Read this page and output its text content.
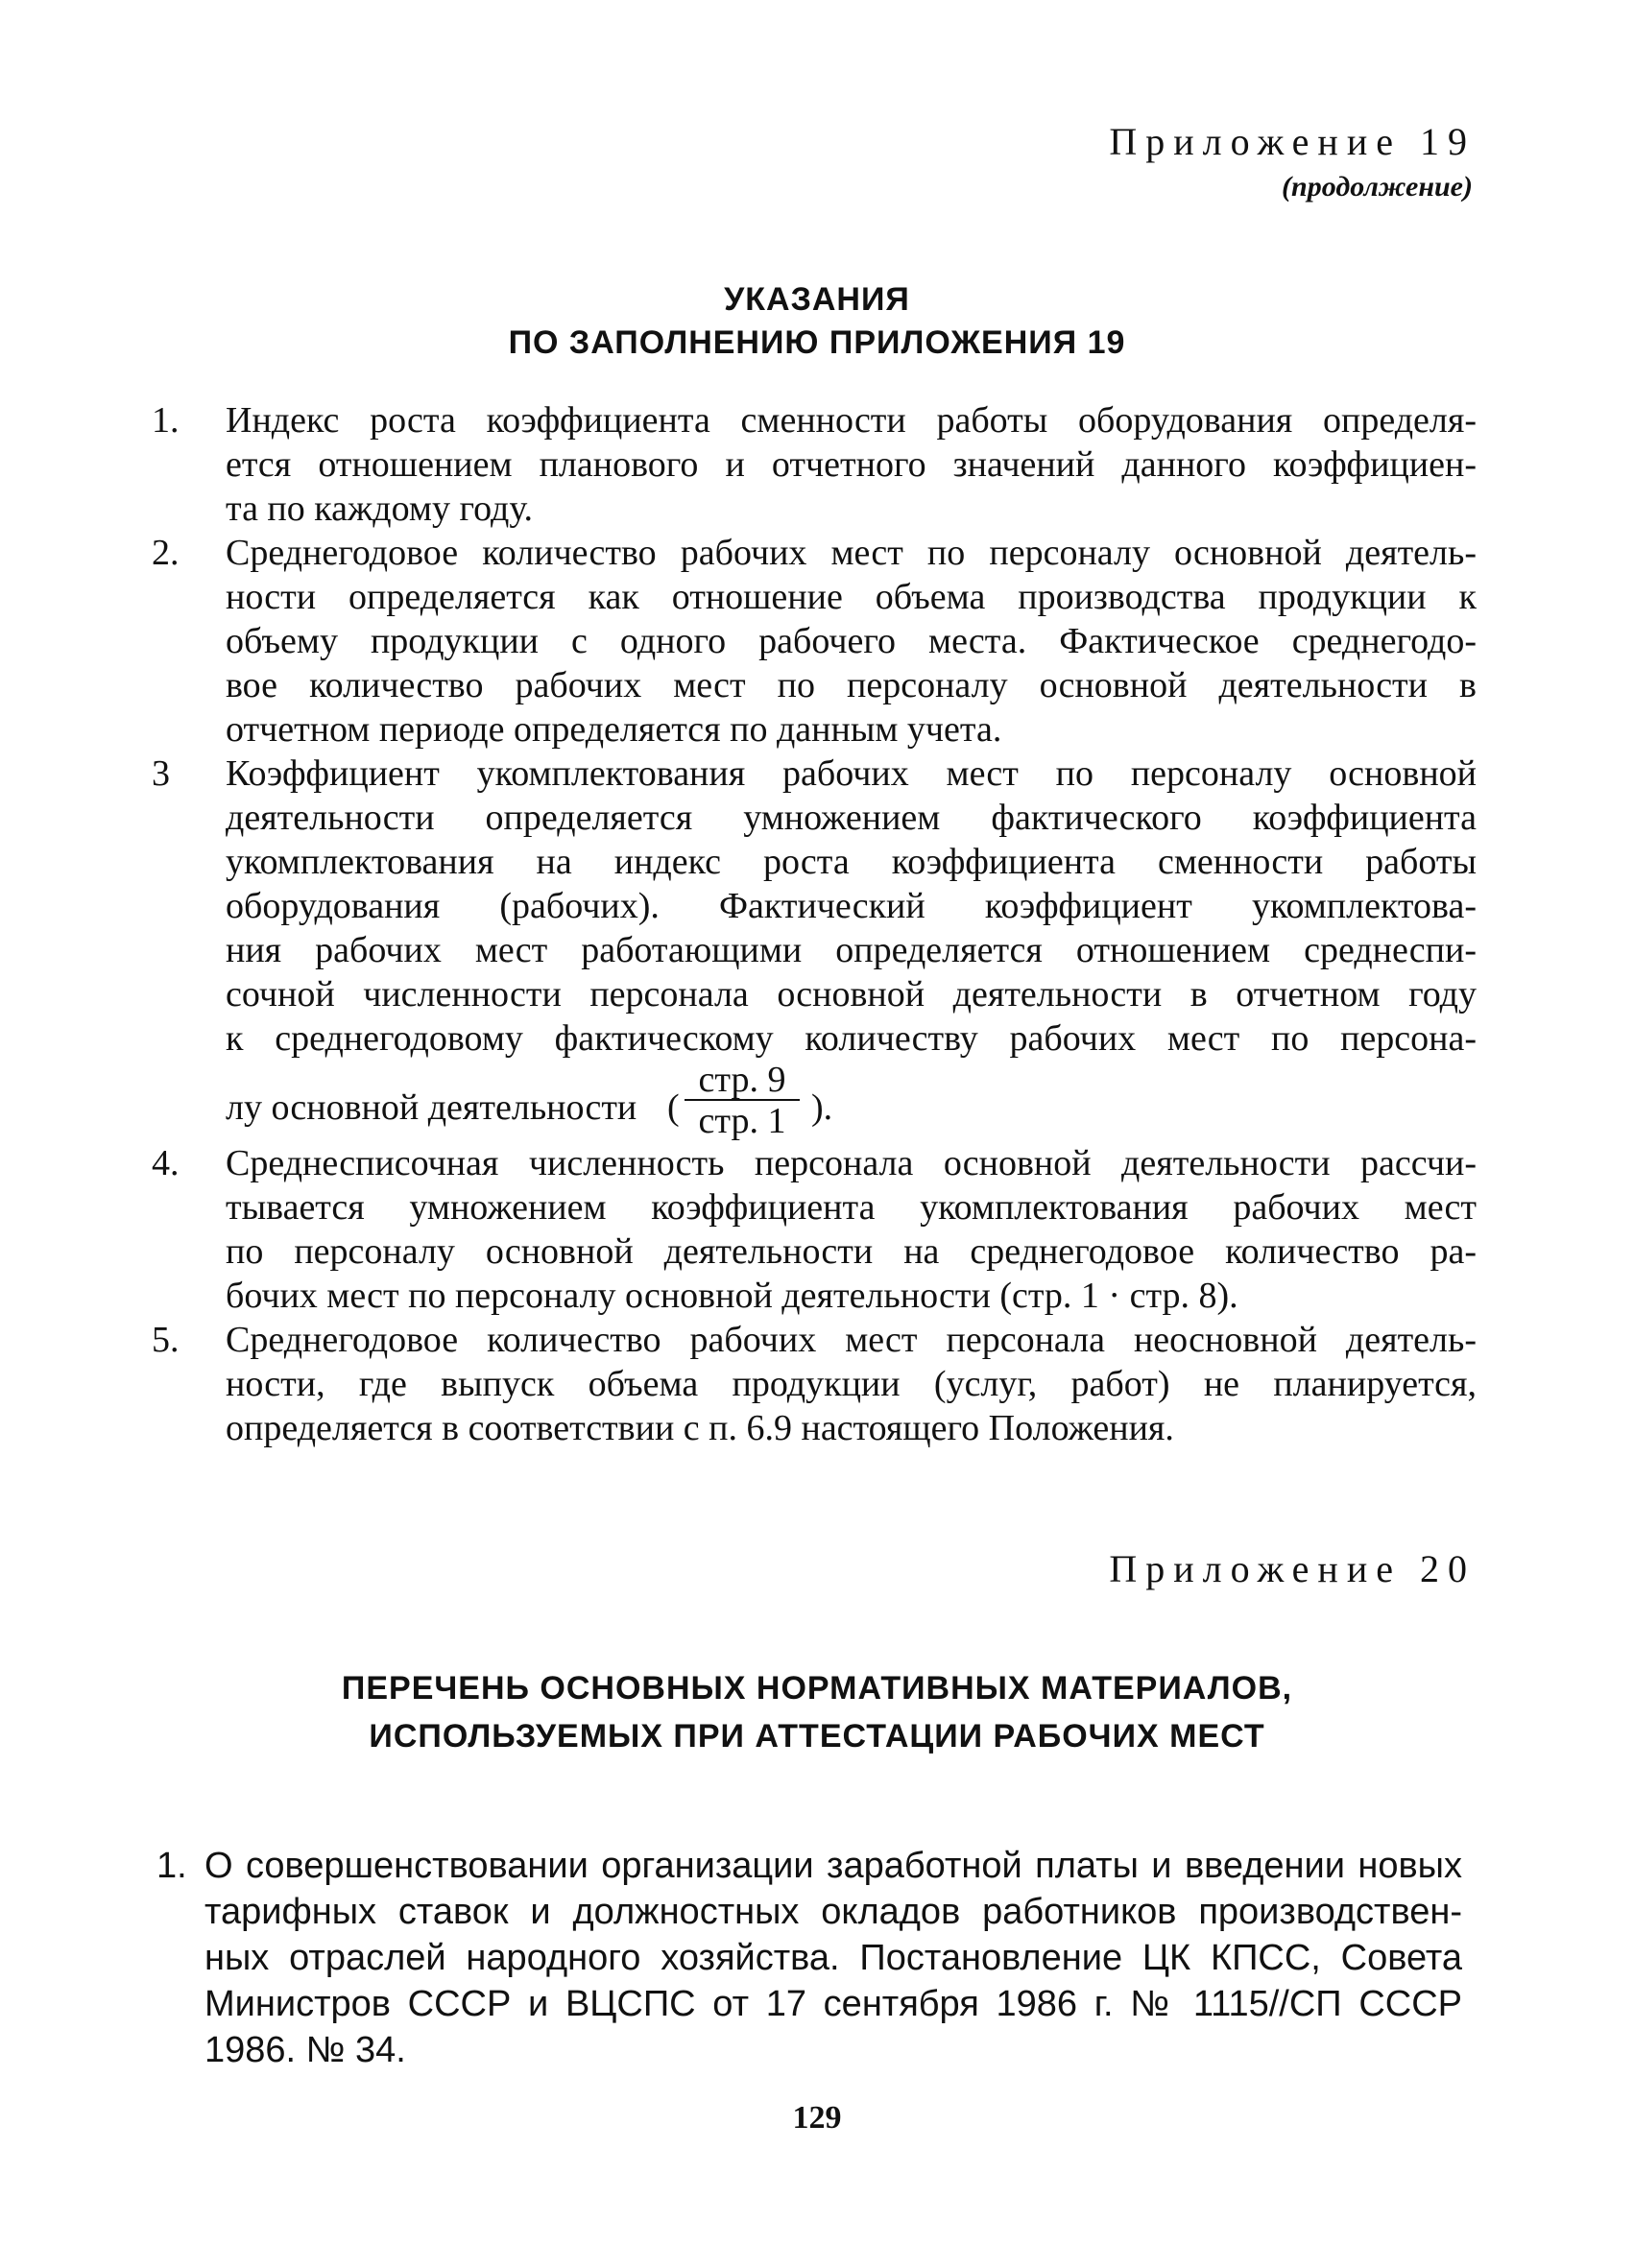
Приложение 19
(продолжение)
УКАЗАНИЯ
ПО ЗАПОЛНЕНИЮ ПРИЛОЖЕНИЯ 19
1. Индекс роста коэффициента сменности работы оборудования определя-
ется отношением планового и отчетного значений данного коэффициен-
та по каждому году.
2. Среднегодовое количество рабочих мест по персоналу основной деятель-
ности определяется как отношение объема производства продукции к
объему продукции с одного рабочего места. Фактическое среднегодо-
вое количество рабочих мест по персоналу основной деятельности в
отчетном периоде определяется по данным учета.
3 Коэффициент укомплектования рабочих мест по персоналу основной
деятельности определяется умножением фактического коэффициента
укомплектования на индекс роста коэффициента сменности работы
оборудования (рабочих). Фактический коэффициент укомплектова-
ния рабочих мест работающими определяется отношением среднеспи-
сочной численности персонала основной деятельности в отчетном году
к среднегодовому фактическому количеству рабочих мест по персона-
лу основной деятельности (
стр. 9
стр. 1 ).
4. Среднесписочная численность персонала основной деятельности рассчи-
тывается умножением коэффициента укомплектования рабочих мест
по персоналу основной деятельности на среднегодовое количество ра-
бочих мест по персоналу основной деятельности (стр. 1 · стр. 8).
5. Среднегодовое количество рабочих мест персонала неосновной деятель-
ности, где выпуск объема продукции (услуг, работ) не планируется,
определяется в соответствии с п. 6.9 настоящего Положения.
Приложение 20
ПЕРЕЧЕНЬ ОСНОВНЫХ НОРМАТИВНЫХ МАТЕРИАЛОВ,
ИСПОЛЬЗУЕМЫХ ПРИ АТТЕСТАЦИИ РАБОЧИХ МЕСТ
1. О совершенствовании организации заработной платы и введении новых
тарифных ставок и должностных окладов работников производствен-
ных отраслей народного хозяйства. Постановление ЦК КПСС, Совета
Министров СССР и ВЦСПС от 17 сентября 1986 г. № 1115//СП СССР
1986. № 34.
129
